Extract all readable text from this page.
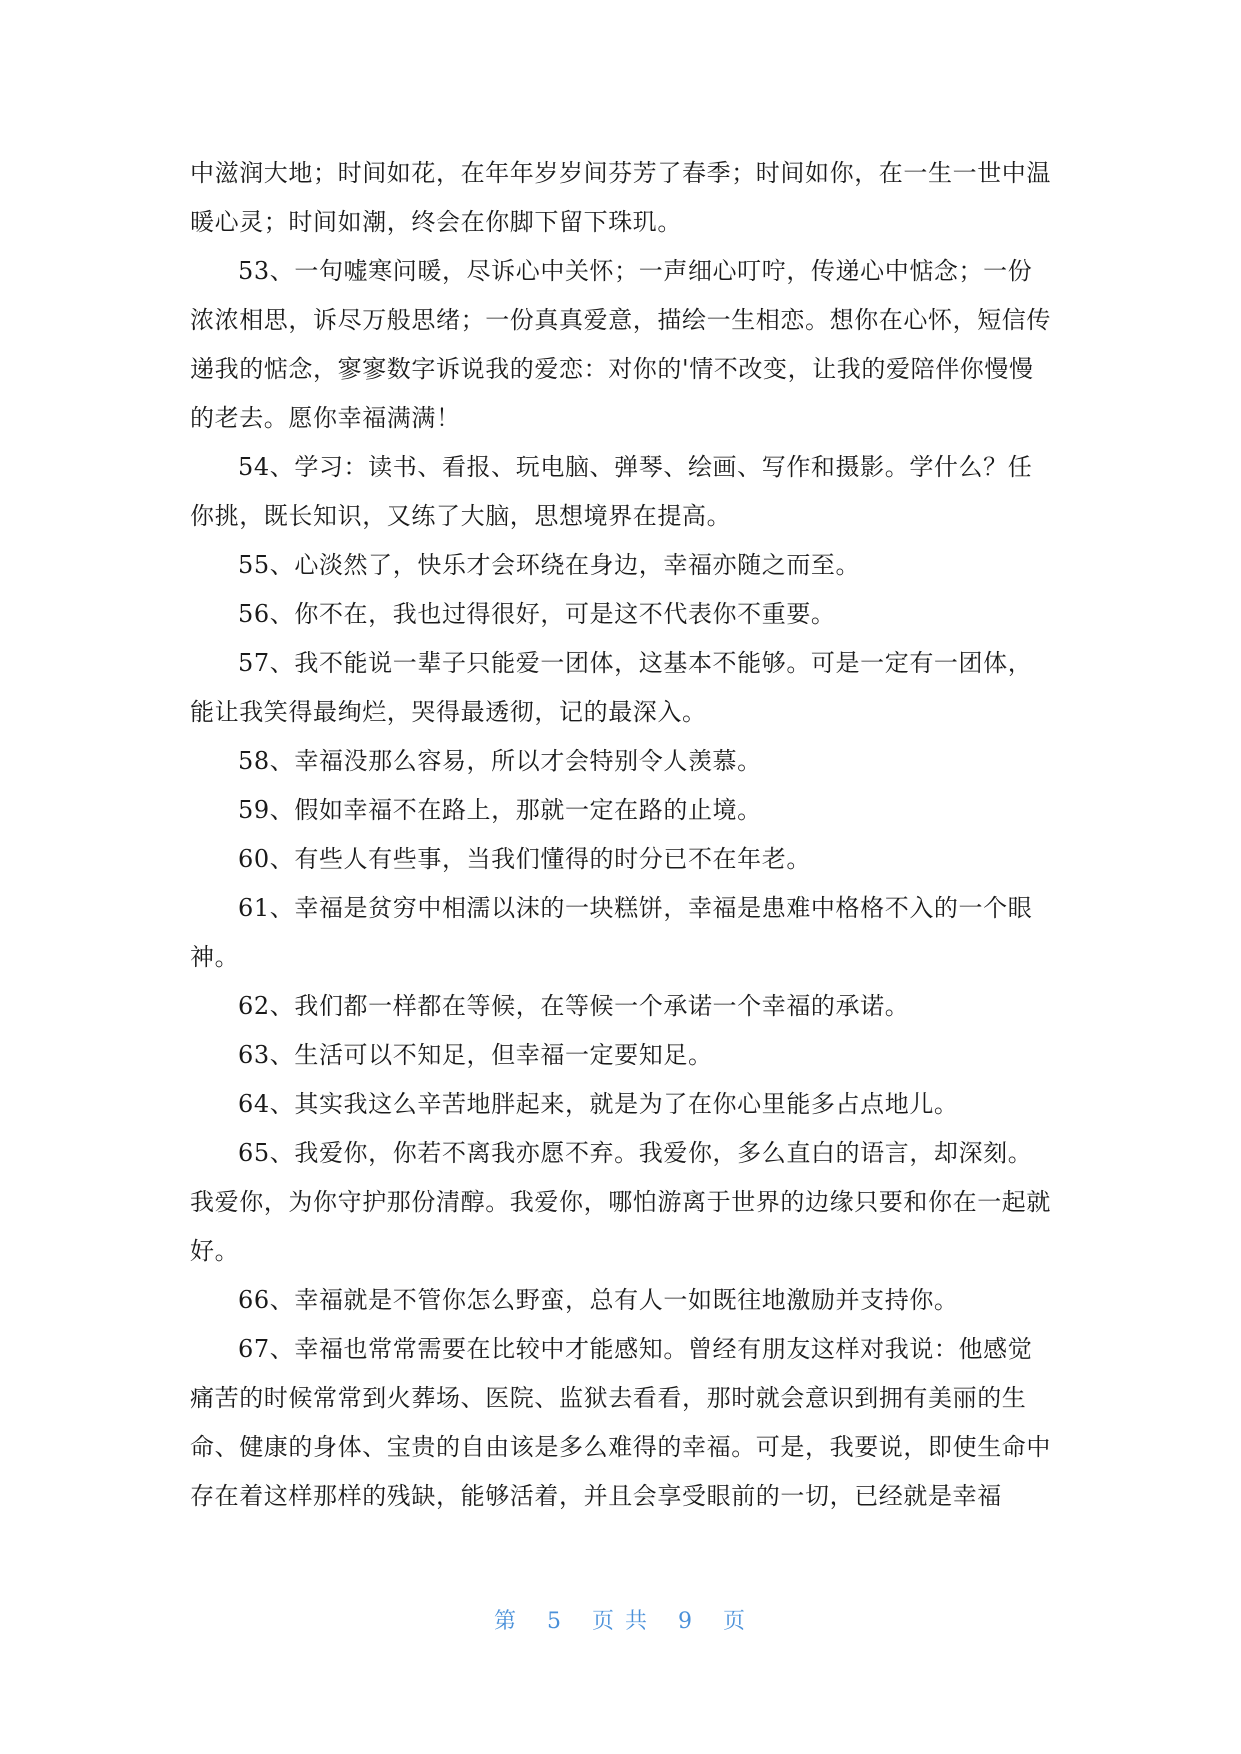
中滋润大地；时间如花，在年年岁岁间芬芳了春季；时间如你，在一生一世中温暖心灵；时间如潮，终会在你脚下留下珠玑。

53、一句嘘寒问暖，尽诉心中关怀；一声细心叮咛，传递心中惦念；一份浓浓相思，诉尽万般思绪；一份真真爱意，描绘一生相恋。想你在心怀，短信传递我的惦念，寥寥数字诉说我的爱恋：对你的'情不改变，让我的爱陪伴你慢慢的老去。愿你幸福满满！

54、学习：读书、看报、玩电脑、弹琴、绘画、写作和摄影。学什么？任你挑，既长知识，又练了大脑，思想境界在提高。

55、心淡然了，快乐才会环绕在身边，幸福亦随之而至。

56、你不在，我也过得很好，可是这不代表你不重要。

57、我不能说一辈子只能爱一团体，这基本不能够。可是一定有一团体，能让我笑得最绚烂，哭得最透彻，记的最深入。

58、幸福没那么容易，所以才会特别令人羡慕。

59、假如幸福不在路上，那就一定在路的止境。

60、有些人有些事，当我们懂得的时分已不在年老。

61、幸福是贫穷中相濡以沫的一块糕饼，幸福是患难中格格不入的一个眼神。

62、我们都一样都在等候，在等候一个承诺一个幸福的承诺。

63、生活可以不知足，但幸福一定要知足。

64、其实我这么辛苦地胖起来，就是为了在你心里能多占点地儿。

65、我爱你，你若不离我亦愿不弃。我爱你，多么直白的语言，却深刻。我爱你，为你守护那份清醇。我爱你，哪怕游离于世界的边缘只要和你在一起就好。

66、幸福就是不管你怎么野蛮，总有人一如既往地激励并支持你。

67、幸福也常常需要在比较中才能感知。曾经有朋友这样对我说：他感觉痛苦的时候常常到火葬场、医院、监狱去看看，那时就会意识到拥有美丽的生命、健康的身体、宝贵的自由该是多么难得的幸福。可是，我要说，即使生命中存在着这样那样的残缺，能够活着，并且会享受眼前的一切，已经就是幸福

第 5 页 共 9 页
